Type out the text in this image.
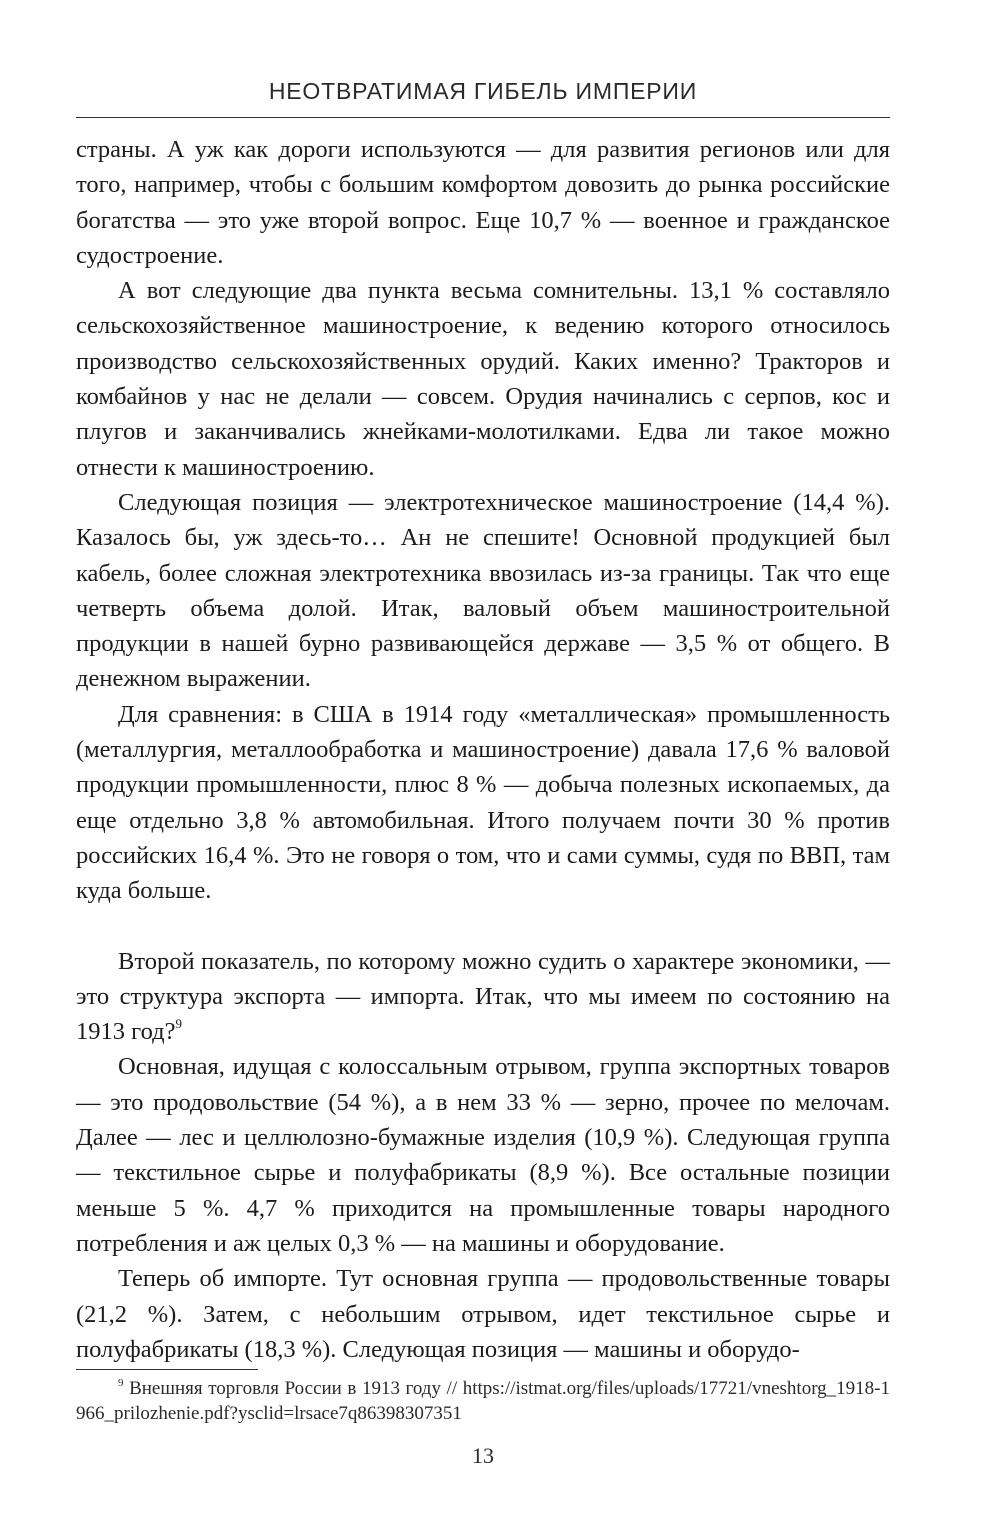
НЕОТВРАТИМАЯ ГИБЕЛЬ ИМПЕРИИ

страны. А уж как дороги используются — для развития регионов или для того, например, чтобы с большим комфортом довозить до рынка российские богатства — это уже второй вопрос. Еще 10,7 % — военное и гражданское судостроение.

А вот следующие два пункта весьма сомнительны. 13,1 % составляло сельскохозяйственное машиностроение, к ведению которого относилось производство сельскохозяйственных орудий. Каких именно? Тракторов и комбайнов у нас не делали — совсем. Орудия начинались с серпов, кос и плугов и заканчивались жнейками-молотилками. Едва ли такое можно отнести к машиностроению.

Следующая позиция — электротехническое машиностроение (14,4 %). Казалось бы, уж здесь-то… Ан не спешите! Основной продукцией был кабель, более сложная электротехника ввозилась из-за границы. Так что еще четверть объема долой. Итак, валовый объем машиностроительной продукции в нашей бурно развивающейся державе — 3,5 % от общего. В денежном выражении.

Для сравнения: в США в 1914 году «металлическая» промышленность (металлургия, металлообработка и машиностроение) давала 17,6 % валовой продукции промышленности, плюс 8 % — добыча полезных ископаемых, да еще отдельно 3,8 % автомобильная. Итого получаем почти 30 % против российских 16,4 %. Это не говоря о том, что и сами суммы, судя по ВВП, там куда больше.

Второй показатель, по которому можно судить о характере экономики, — это структура экспорта — импорта. Итак, что мы имеем по состоянию на 1913 год?$^9$

Основная, идущая с колоссальным отрывом, группа экспортных товаров — это продовольствие (54 %), а в нем 33 % — зерно, прочее по мелочам. Далее — лес и целлюлозно-бумажные изделия (10,9 %). Следующая группа — текстильное сырье и полуфабрикаты (8,9 %). Все остальные позиции меньше 5 %. 4,7 % приходится на промышленные товары народного потребления и аж целых 0,3 % — на машины и оборудование.

Теперь об импорте. Тут основная группа — продовольственные товары (21,2 %). Затем, с небольшим отрывом, идет текстильное сырье и полуфабрикаты (18,3 %). Следующая позиция — машины и оборудо-

$^9$ Внешняя торговля России в 1913 году // https://istmat.org/files/uploads/17721/vneshtorg_1918-1966_prilozhenie.pdf?ysclid=lrsace7q86398307351
13
